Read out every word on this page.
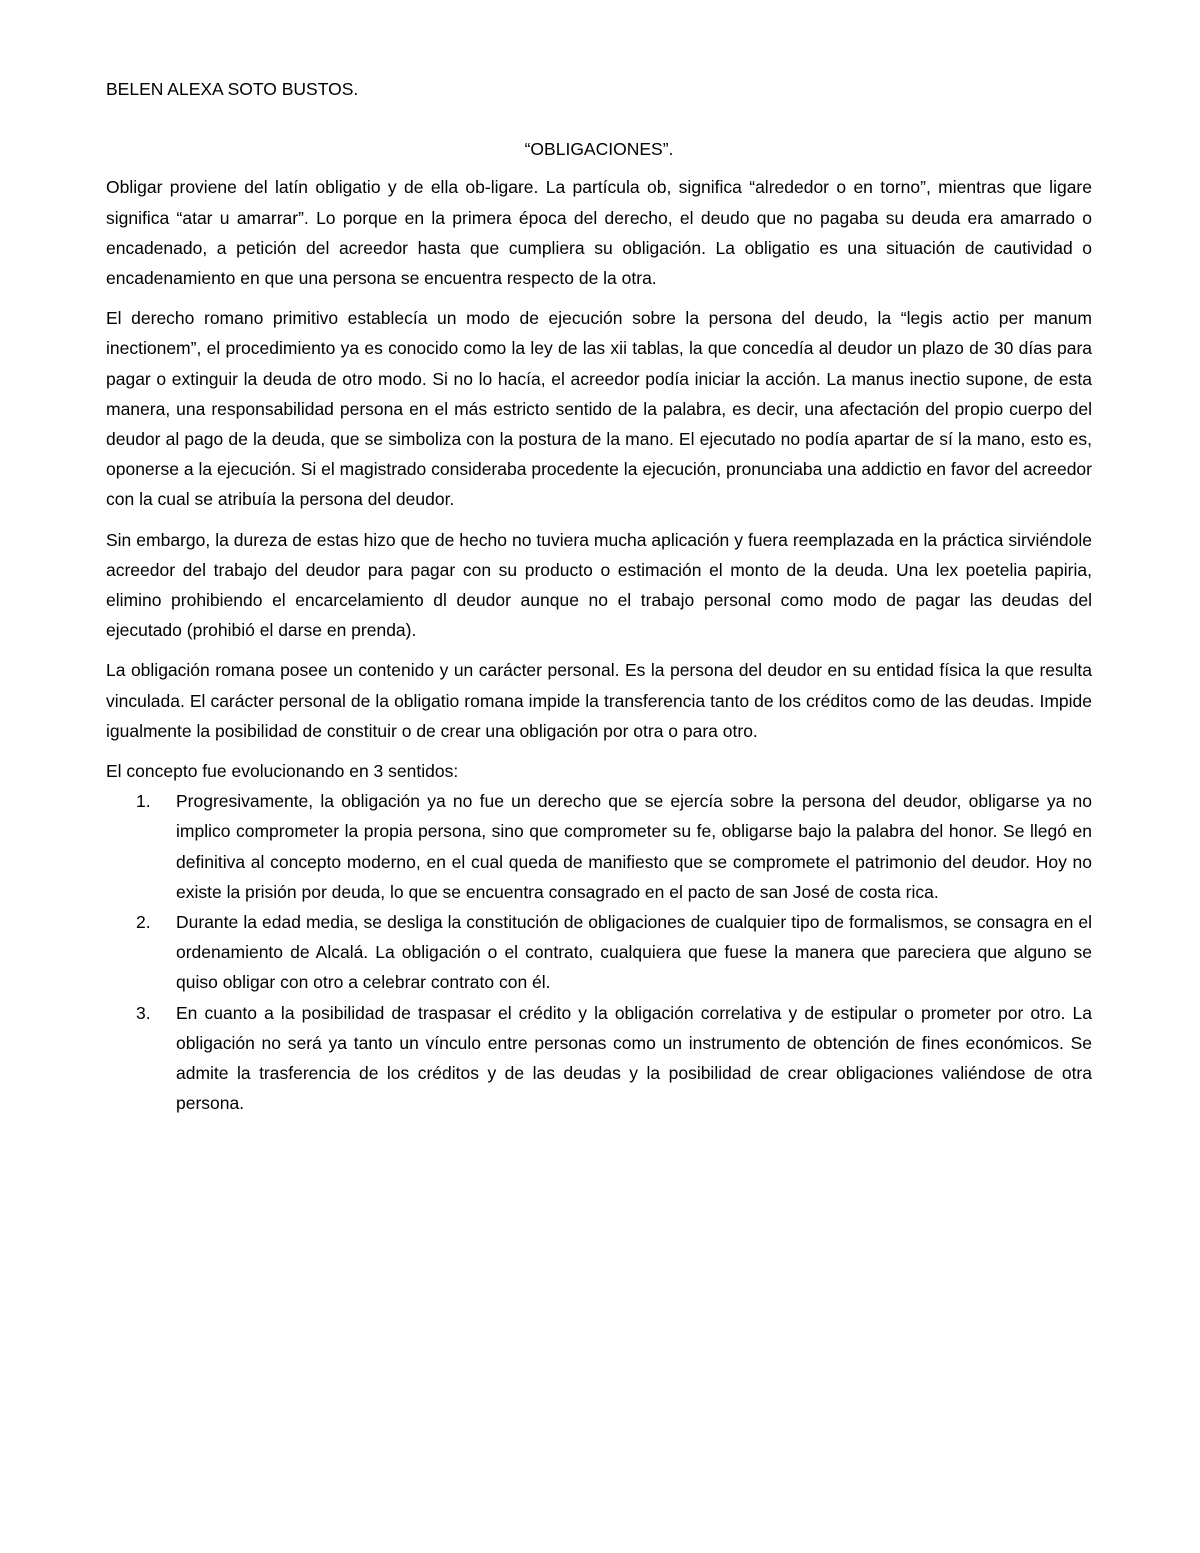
BELEN ALEXA SOTO BUSTOS.

“OBLIGACIONES”.

Obligar proviene del latín obligatio y de ella ob-ligare. La partícula ob, significa “alrededor o en torno”, mientras que ligare significa “atar u amarrar”. Lo porque en la primera época del derecho, el deudo que no pagaba su deuda era amarrado o encadenado, a petición del acreedor hasta que cumpliera su obligación. La obligatio es una situación de cautividad o encadenamiento en que una persona se encuentra respecto de la otra.

El derecho romano primitivo establecía un modo de ejecución sobre la persona del deudo, la “legis actio per manum inectionem”, el procedimiento ya es conocido como la ley de las xii tablas, la que concedía al deudor un plazo de 30 días para pagar o extinguir la deuda de otro modo. Si no lo hacía, el acreedor podía iniciar la acción. La manus inectio supone, de esta manera, una responsabilidad persona en el más estricto sentido de la palabra, es decir, una afectación del propio cuerpo del deudor al pago de la deuda, que se simboliza con la postura de la mano. El ejecutado no podía apartar de sí la mano, esto es, oponerse a la ejecución. Si el magistrado consideraba procedente la ejecución, pronunciaba una addictio en favor del acreedor con la cual se atribuía la persona del deudor.

Sin embargo, la dureza de estas hizo que de hecho no tuviera mucha aplicación y fuera reemplazada en la práctica sirviéndole acreedor del trabajo del deudor para pagar con su producto o estimación el monto de la deuda. Una lex poetelia papiria, elimino prohibiendo el encarcelamiento dl deudor aunque no el trabajo personal como modo de pagar las deudas del ejecutado (prohibió el darse en prenda).

La obligación romana posee un contenido y un carácter personal. Es la persona del deudor en su entidad física la que resulta vinculada. El carácter personal de la obligatio romana impide la transferencia tanto de los créditos como de las deudas. Impide igualmente la posibilidad de constituir o de crear una obligación por otra o para otro.

El concepto fue evolucionando en 3 sentidos:

1. Progresivamente, la obligación ya no fue un derecho que se ejercía sobre la persona del deudor, obligarse ya no implico comprometer la propia persona, sino que comprometer su fe, obligarse bajo la palabra del honor. Se llegó en definitiva al concepto moderno, en el cual queda de manifiesto que se compromete el patrimonio del deudor. Hoy no existe la prisión por deuda, lo que se encuentra consagrado en el pacto de san José de costa rica.
2. Durante la edad media, se desliga la constitución de obligaciones de cualquier tipo de formalismos, se consagra en el ordenamiento de Alcalá. La obligación o el contrato, cualquiera que fuese la manera que pareciera que alguno se quiso obligar con otro a celebrar contrato con él.
3. En cuanto a la posibilidad de traspasar el crédito y la obligación correlativa y de estipular o prometer por otro. La obligación no será ya tanto un vínculo entre personas como un instrumento de obtención de fines económicos. Se admite la trasferencia de los créditos y de las deudas y la posibilidad de crear obligaciones valiéndose de otra persona.
